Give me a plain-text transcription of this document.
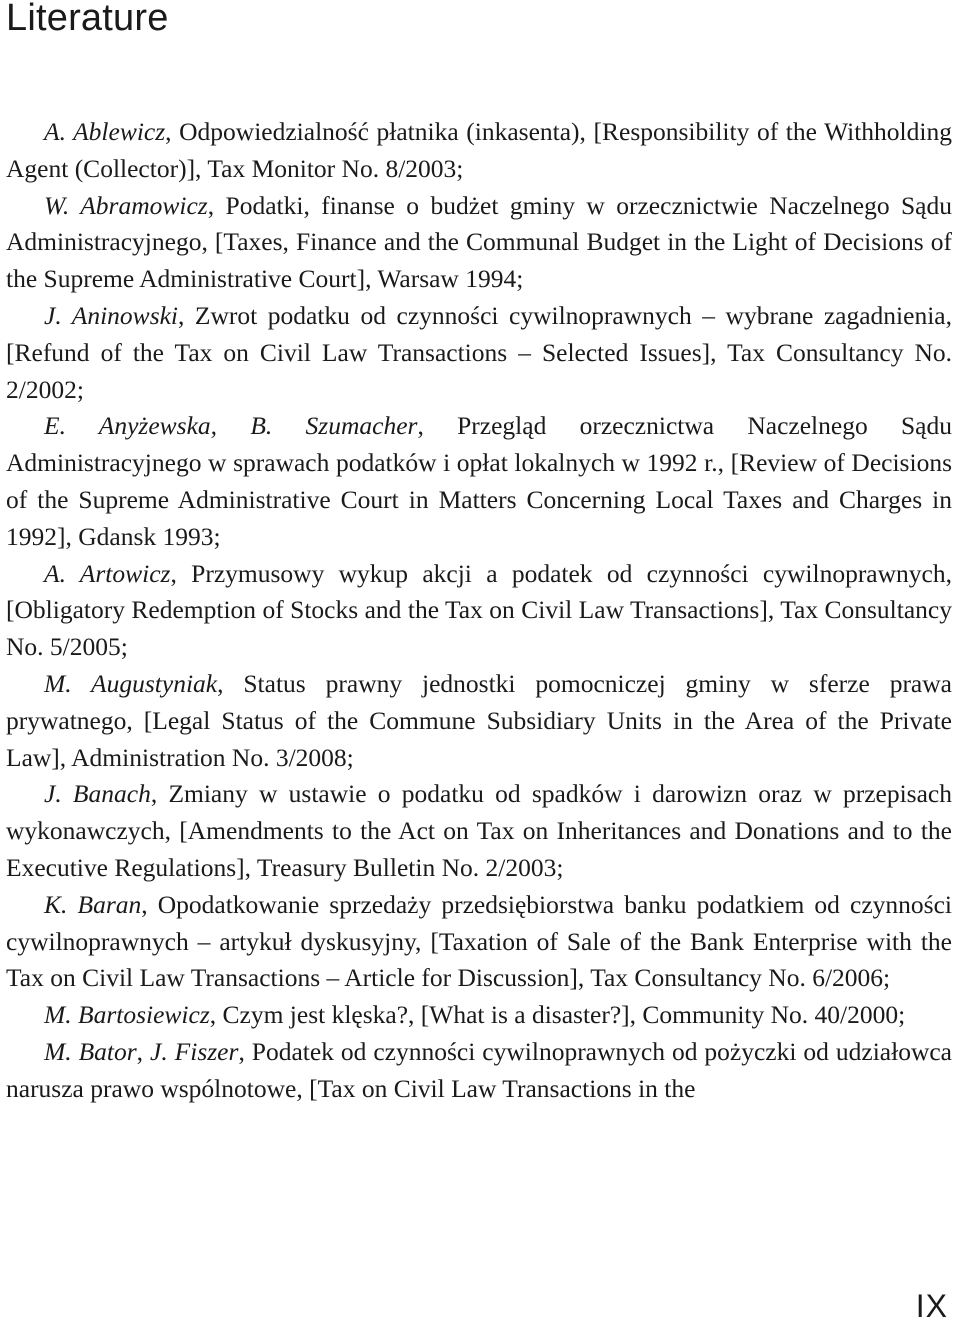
Literature
A. Ablewicz, Odpowiedzialność płatnika (inkasenta), [Responsibility of the Withholding Agent (Collector)], Tax Monitor No. 8/2003;
W. Abramowicz, Podatki, finanse o budżet gminy w orzecznictwie Naczelnego Sądu Administracyjnego, [Taxes, Finance and the Communal Budget in the Light of Decisions of the Supreme Administrative Court], Warsaw 1994;
J. Aninowski, Zwrot podatku od czynności cywilnoprawnych – wybrane zagadnienia, [Refund of the Tax on Civil Law Transactions – Selected Issues], Tax Consultancy No. 2/2002;
E. Anyżewska, B. Szumacher, Przegląd orzecznictwa Naczelnego Sądu Administracyjnego w sprawach podatków i opłat lokalnych w 1992 r., [Review of Decisions of the Supreme Administrative Court in Matters Concerning Local Taxes and Charges in 1992], Gdansk 1993;
A. Artowicz, Przymusowy wykup akcji a podatek od czynności cywilnoprawnych, [Obligatory Redemption of Stocks and the Tax on Civil Law Transactions], Tax Consultancy No. 5/2005;
M. Augustyniak, Status prawny jednostki pomocniczej gminy w sferze prawa prywatnego, [Legal Status of the Commune Subsidiary Units in the Area of the Private Law], Administration No. 3/2008;
J. Banach, Zmiany w ustawie o podatku od spadków i darowizn oraz w przepisach wykonawczych, [Amendments to the Act on Tax on Inheritances and Donations and to the Executive Regulations], Treasury Bulletin No. 2/2003;
K. Baran, Opodatkowanie sprzedaży przedsiębiorstwa banku podatkiem od czynności cywilnoprawnych – artykuł dyskusyjny, [Taxation of Sale of the Bank Enterprise with the Tax on Civil Law Transactions – Article for Discussion], Tax Consultancy No. 6/2006;
M. Bartosiewicz, Czym jest klęska?, [What is a disaster?], Community No. 40/2000;
M. Bator, J. Fiszer, Podatek od czynności cywilnoprawnych od pożyczki od udziałowca narusza prawo wspólnotowe, [Tax on Civil Law Transactions in the
IX
